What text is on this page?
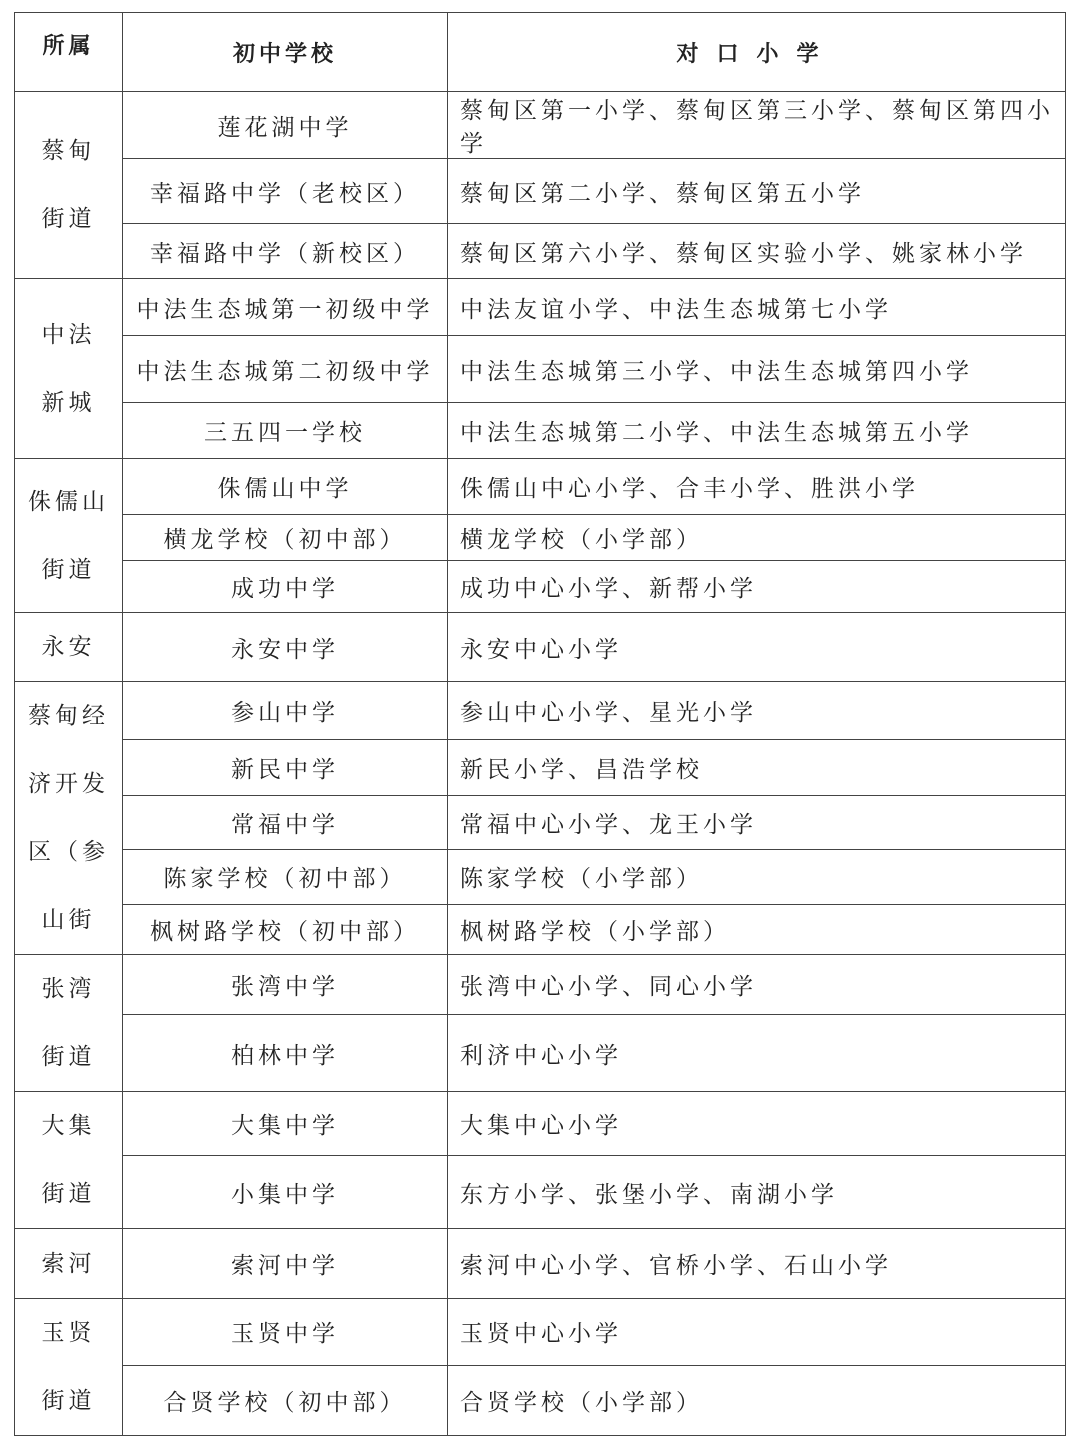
所属	初中学校	对口小学

蔡甸
街道	莲花湖中学	蔡甸区第一小学、蔡甸区第三小学、蔡甸区第四小学
	幸福路中学（老校区）	蔡甸区第二小学、蔡甸区第五小学
	幸福路中学（新校区）	蔡甸区第六小学、蔡甸区实验小学、姚家林小学

中法
新城	中法生态城第一初级中学	中法友谊小学、中法生态城第七小学
	中法生态城第二初级中学	中法生态城第三小学、中法生态城第四小学
	三五四一学校	中法生态城第二小学、中法生态城第五小学

侏儒山
街道	侏儒山中学	侏儒山中心小学、合丰小学、胜洪小学
	横龙学校（初中部）	横龙学校（小学部）
	成功中学	成功中心小学、新帮小学

永安	永安中学	永安中心小学

蔡甸经
济开发
区（参
山街	参山中学	参山中心小学、星光小学
	新民中学	新民小学、昌浩学校
	常福中学	常福中心小学、龙王小学
	陈家学校（初中部）	陈家学校（小学部）
	枫树路学校（初中部）	枫树路学校（小学部）

张湾
街道	张湾中学	张湾中心小学、同心小学
	柏林中学	利济中心小学

大集
街道	大集中学	大集中心小学
	小集中学	东方小学、张堡小学、南湖小学

索河	索河中学	索河中心小学、官桥小学、石山小学

玉贤
街道	玉贤中学	玉贤中心小学
	合贤学校（初中部）	合贤学校（小学部）
